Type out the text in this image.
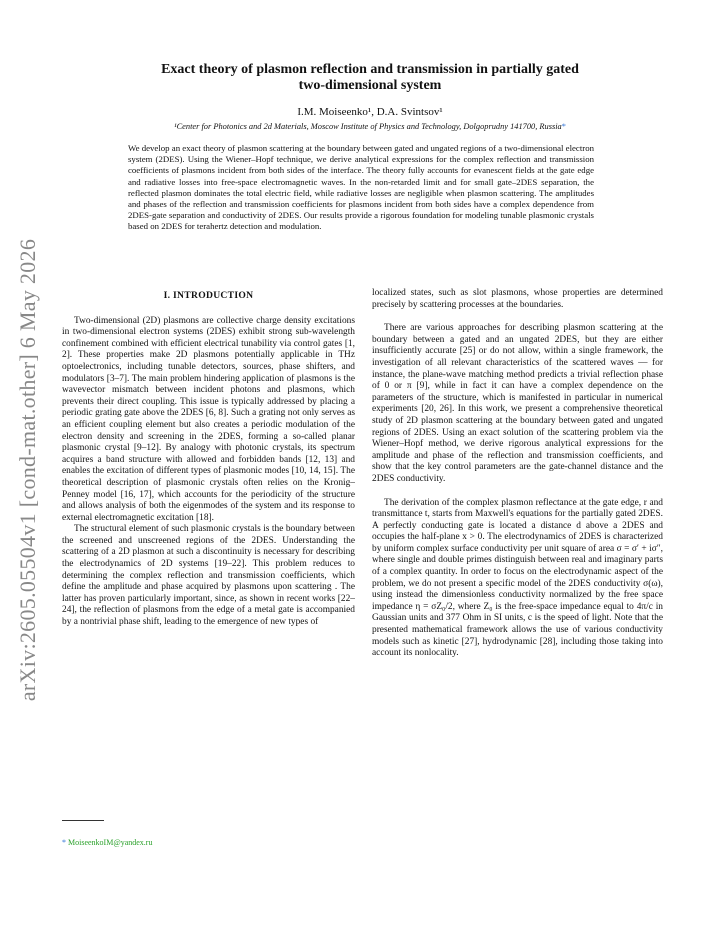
arXiv:2605.05504v1 [cond-mat.other] 6 May 2026
Exact theory of plasmon reflection and transmission in partially gated
two-dimensional system
I.M. Moiseenko¹, D.A. Svintsov¹
¹Center for Photonics and 2d Materials, Moscow Institute of Physics and Technology, Dolgoprudny 141700, Russia*
We develop an exact theory of plasmon scattering at the boundary between gated and ungated regions of a two-dimensional electron system (2DES). Using the Wiener–Hopf technique, we derive analytical expressions for the complex reflection and transmission coefficients of plasmons incident from both sides of the interface. The theory fully accounts for evanescent fields at the gate edge and radiative losses into free-space electromagnetic waves. In the non-retarded limit and for small gate–2DES separation, the reflected plasmon dominates the total electric field, while radiative losses are negligible when plasmon scattering. The amplitudes and phases of the reflection and transmission coefficients for plasmons incident from both sides have a complex dependence from 2DES-gate separation and conductivity of 2DES. Our results provide a rigorous foundation for modeling tunable plasmonic crystals based on 2DES for terahertz detection and modulation.
I. INTRODUCTION

Two-dimensional (2D) plasmons are collective charge density excitations in two-dimensional electron systems (2DES) exhibit strong sub-wavelength confinement combined with efficient electrical tunability via control gates [1, 2]. These properties make 2D plasmons potentially applicable in THz optoelectronics, including tunable detectors, sources, phase shifters, and modulators [3–7]. The main problem hindering application of plasmons is the wavevector mismatch between incident photons and plasmons, which prevents their direct coupling. This issue is typically addressed by placing a periodic grating gate above the 2DES [6, 8]. Such a grating not only serves as an efficient coupling element but also creates a periodic modulation of the electron density and screening in the 2DES, forming a so-called planar plasmonic crystal [9–12]. By analogy with photonic crystals, its spectrum acquires a band structure with allowed and forbidden bands [12, 13] and enables the excitation of different types of plasmonic modes [10, 14, 15]. The theoretical description of plasmonic crystals often relies on the Kronig–Penney model [16, 17], which accounts for the periodicity of the structure and allows analysis of both the eigenmodes of the system and its response to external electromagnetic excitation [18].

The structural element of such plasmonic crystals is the boundary between the screened and unscreened regions of the 2DES. Understanding the scattering of a 2D plasmon at such a discontinuity is necessary for describing the electrodynamics of 2D systems [19–22]. This problem reduces to determining the complex reflection and transmission coefficients, which define the amplitude and phase acquired by plasmons upon scattering . The latter has proven particularly important, since, as shown in recent works [22–24], the reflection of plasmons from the edge of a metal gate is accompanied by a nontrivial phase shift, leading to the emergence of new types of

localized states, such as slot plasmons, whose properties are determined precisely by scattering processes at the boundaries.

There are various approaches for describing plasmon scattering at the boundary between a gated and an ungated 2DES, but they are either insufficiently accurate [25] or do not allow, within a single framework, the investigation of all relevant characteristics of the scattered waves — for instance, the plane-wave matching method predicts a trivial reflection phase of 0 or π [9], while in fact it can have a complex dependence on the parameters of the structure, which is manifested in particular in numerical experiments [20, 26]. In this work, we present a comprehensive theoretical study of 2D plasmon scattering at the boundary between gated and ungated regions of 2DES. Using an exact solution of the scattering problem via the Wiener–Hopf method, we derive rigorous analytical expressions for the amplitude and phase of the reflection and transmission coefficients, and show that the key control parameters are the gate-channel distance and the 2DES conductivity.

The derivation of the complex plasmon reflectance at the gate edge, r and transmittance t, starts from Maxwell's equations for the partially gated 2DES. A perfectly conducting gate is located a distance d above a 2DES and occupies the half-plane x > 0. The electrodynamics of 2DES is characterized by uniform complex surface conductivity per unit square of area σ = σ′ + iσ″, where single and double primes distinguish between real and imaginary parts of a complex quantity. In order to focus on the electrodynamic aspect of the problem, we do not present a specific model of the 2DES conductivity σ(ω), using instead the dimensionless conductivity normalized by the free space impedance η = σZ₀/2, where Z₀ is the free-space impedance equal to 4π/c in Gaussian units and 377 Ohm in SI units, c is the speed of light. Note that the presented mathematical framework allows the use of various conductivity models such as kinetic [27], hydrodynamic [28], including those taking into account its nonlocality.

* MoiseenkoIM@yandex.ru
